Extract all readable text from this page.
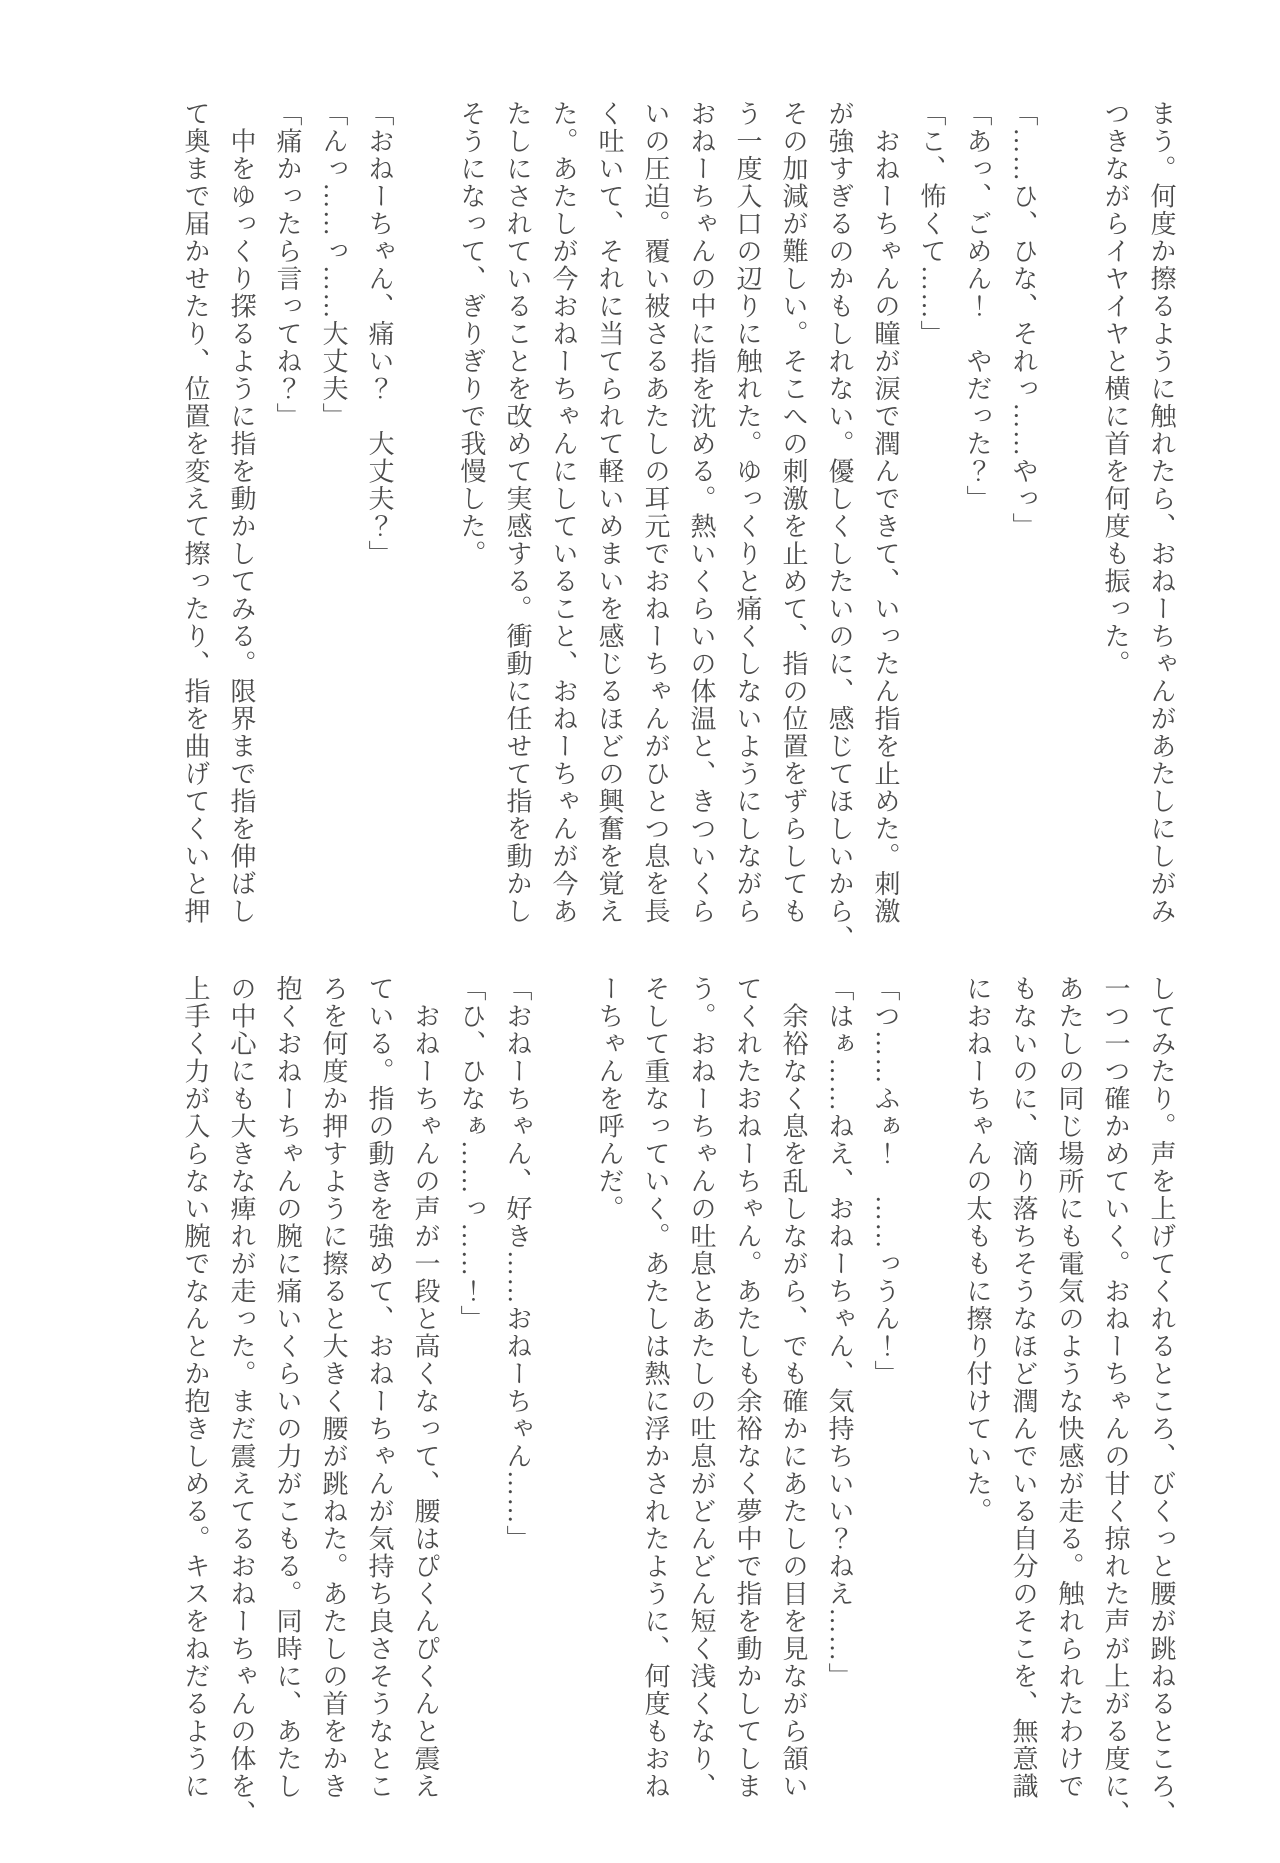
まう。何度か擦るように触れたら、おねーちゃんがあたしにしがみ
つきながらイヤイヤと横に首を何度も振った。

「……ひ、ひな、それっ……やっ」
「あっ、ごめん！　やだった？」
「こ、怖くて……」
　おねーちゃんの瞳が涙で潤んできて、いったん指を止めた。刺激
が強すぎるのかもしれない。優しくしたいのに、感じてほしいから、
その加減が難しい。そこへの刺激を止めて、指の位置をずらしても
う一度入口の辺りに触れた。ゆっくりと痛くしないようにしながら
おねーちゃんの中に指を沈める。熱いくらいの体温と、きついくら
いの圧迫。覆い被さるあたしの耳元でおねーちゃんがひとつ息を長
く吐いて、それに当てられて軽いめまいを感じるほどの興奮を覚え
た。あたしが今おねーちゃんにしていること、おねーちゃんが今あ
たしにされていることを改めて実感する。衝動に任せて指を動かし
そうになって、ぎりぎりで我慢した。

「おねーちゃん、痛い？　大丈夫？」
「んっ……っ……大丈夫」
「痛かったら言ってね？」
　中をゆっくり探るように指を動かしてみる。限界まで指を伸ばし
て奥まで届かせたり、位置を変えて擦ったり、指を曲げてくいと押
してみたり。声を上げてくれるところ、びくっと腰が跳ねるところ、
一つ一つ確かめていく。おねーちゃんの甘く掠れた声が上がる度に、
あたしの同じ場所にも電気のような快感が走る。触れられたわけで
もないのに、滴り落ちそうなほど潤んでいる自分のそこを、無意識
におねーちゃんの太ももに擦り付けていた。

「つ……ふぁ！　……っうん！」
「はぁ……ねえ、おねーちゃん、気持ちいい？ねえ……」
　余裕なく息を乱しながら、でも確かにあたしの目を見ながら頷い
てくれたおねーちゃん。あたしも余裕なく夢中で指を動かしてしま
う。おねーちゃんの吐息とあたしの吐息がどんどん短く浅くなり、
そして重なっていく。あたしは熱に浮かされたように、何度もおね
ーちゃんを呼んだ。

「おねーちゃん、好き……おねーちゃん……」
「ひ、ひなぁ……っ……！」
　おねーちゃんの声が一段と高くなって、腰はぴくんぴくんと震え
ている。指の動きを強めて、おねーちゃんが気持ち良さそうなとこ
ろを何度か押すように擦ると大きく腰が跳ねた。あたしの首をかき
抱くおねーちゃんの腕に痛いくらいの力がこもる。同時に、あたし
の中心にも大きな痺れが走った。まだ震えてるおねーちゃんの体を、
上手く力が入らない腕でなんとか抱きしめる。キスをねだるように
